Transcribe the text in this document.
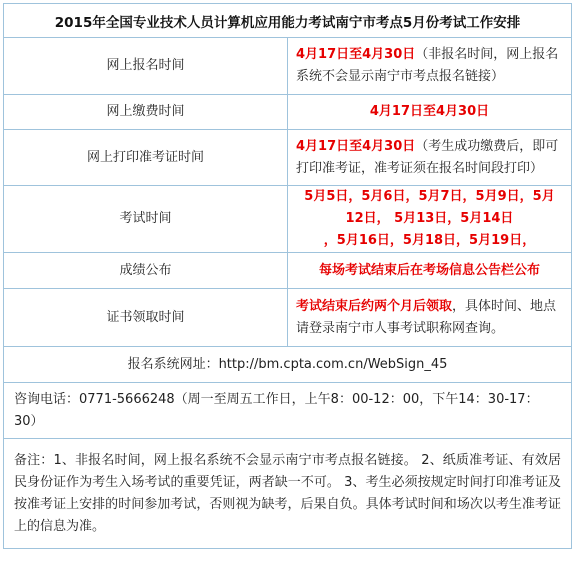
2015年全国专业技术人员计算机应用能力考试南宁市考点5月份考试工作安排	
网上报名时间	4月17日至4月30日（非报名时间，网上报名系统不会显示南宁市考点报名链接）
网上缴费时间	4月17日至4月30日
网上打印准考证时间	4月17日至4月30日（考生成功缴费后，即可打印准考证，准考证须在报名时间段打印）
考试时间	5月5日，5月6日，5月7日，5月9日，5月12日， 5月13日，5月14日
，5月16日，5月18日，5月19日，

成绩公布	每场考试结束后在考场信息公告栏公布
证书领取时间	考试结束后约两个月后领取，具体时间、地点请登录南宁市人事考试职称网查询。
报名系统网址：http://bm.cpta.com.cn/WebSign_45	
咨询电话：0771-5666248（周一至周五工作日，上午8：00-12：00，下午14：30-17：30）	
备注：1、非报名时间，网上报名系统不会显示南宁市考点报名链接。 2、纸质准考证、有效居民身份证作为考生入场考试的重要凭证，两者缺一不可。 3、考生必须按规定时间打印准考证及按准考证上安排的时间参加考试，否则视为缺考，后果自负。具体考试时间和场次以考生准考证上的信息为准。	
